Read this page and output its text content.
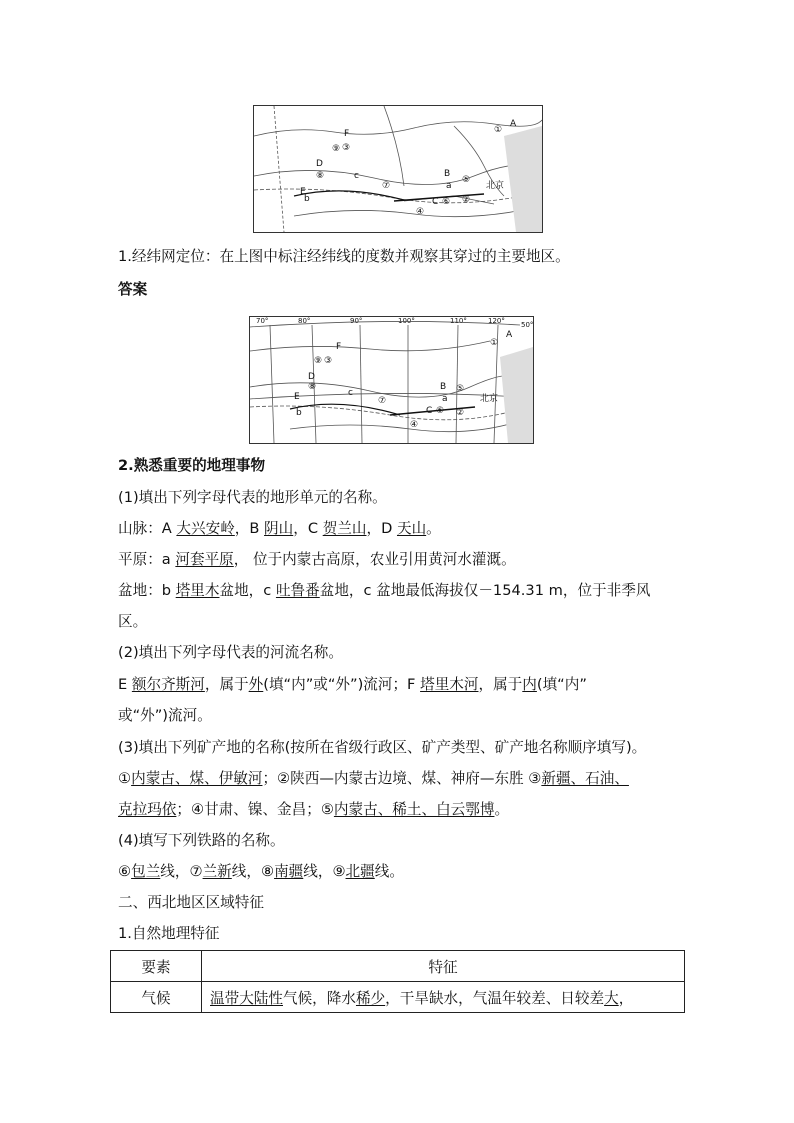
F
⑨ ③
D
⑧
E
b
c
⑦
A
①
B
⑤
a	北京
C ⑥
④
②
1.经纬网定位：在上图中标注经纬线的度数并观察其穿过的主要地区。
答案
70°	80°	90°	100°	110°	120° 50°
F
⑨ ③
D
⑧
E
b
c
⑦
A
①
B ⑤
a	北京
C ⑥
④
②
2.熟悉重要的地理事物
(1)填出下列字母代表的地形单元的名称。
山脉：A 大兴安岭，B 阴山，C 贺兰山，D 天山。
平原：a 河套平原， 位于内蒙古高原，农业引用黄河水灌溉。
盆地：b 塔里木盆地，c 吐鲁番盆地，c 盆地最低海拔仅－154.31 m，位于非季风
区。
(2)填出下列字母代表的河流名称。
E 额尔齐斯河，属于外(填“内”或“外”)流河；F 塔里木河，属于内(填“内”
或“外”)流河。
(3)填出下列矿产地的名称(按所在省级行政区、矿产类型、矿产地名称顺序填写)。
①内蒙古、煤、伊敏河；②陕西—内蒙古边境、煤、神府—东胜 ③新疆、石油、
克拉玛依；④甘肃、镍、金昌；⑤内蒙古、稀土、白云鄂博。
(4)填写下列铁路的名称。
⑥包兰线，⑦兰新线，⑧南疆线，⑨北疆线。
二、西北地区区域特征
1.自然地理特征
要素	特征
气候	温带大陆性气候，降水稀少，干旱缺水，气温年较差、日较差大，
